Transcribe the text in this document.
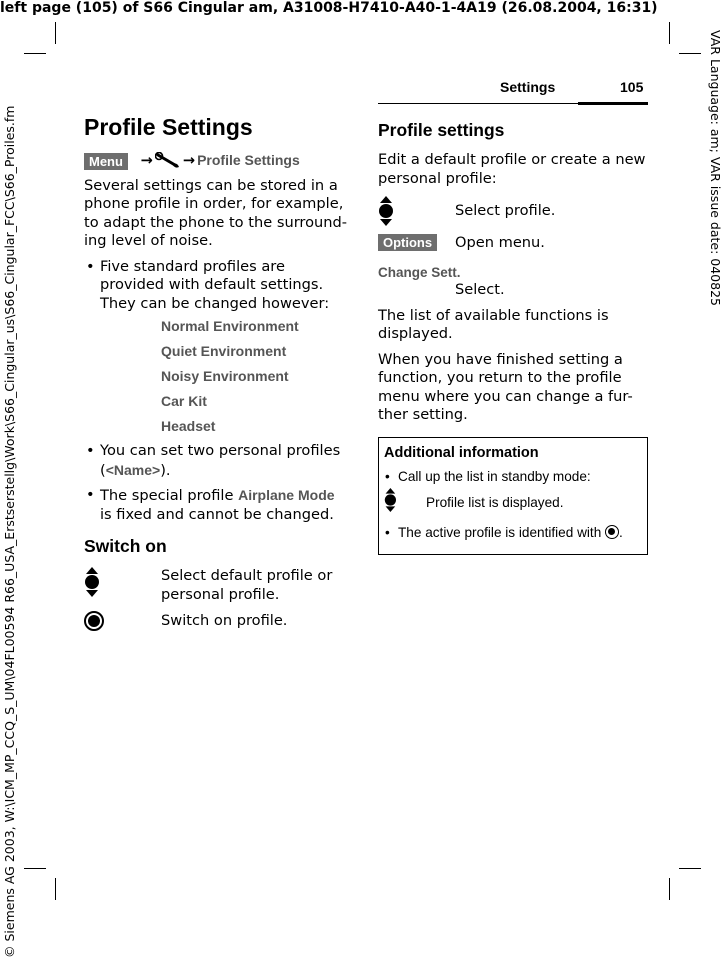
left page (105) of S66 Cingular am, A31008-H7410-A40-1-4A19 (26.08.2004, 16:31)
© Siemens AG 2003, W:\ICM_MP_CCQ_S_UM\04FL00594 R66_USA_Erstserstellg\Work\S66_Cingular_us\S66_Cingular_FCC\S66_Proiles.fm	VAR Language: am; VAR issue date: 040825
Settings	105
Profile Settings

Menu → → Profile Settings

Several settings can be stored in a phone profile in order, for example, to adapt the phone to the surround-ing level of noise.

• Five standard profiles are provided with default settings. They can be changed however:
Normal Environment
Quiet Environment
Noisy Environment
Car Kit
Headset
• You can set two personal profiles (<Name>).
• The special profile Airplane Mode is fixed and cannot be changed.
Switch on
Select default profile or personal profile.
Switch on profile.
Profile settings

Edit a default profile or create a new personal profile:

Select profile.
Options	Open menu.
Change Sett.
Select.

The list of available functions is displayed.

When you have finished setting a function, you return to the profile menu where you can change a fur-ther setting.

Additional information
• Call up the list in standby mode:
Profile list is displayed.
• The active profile is identified with .
